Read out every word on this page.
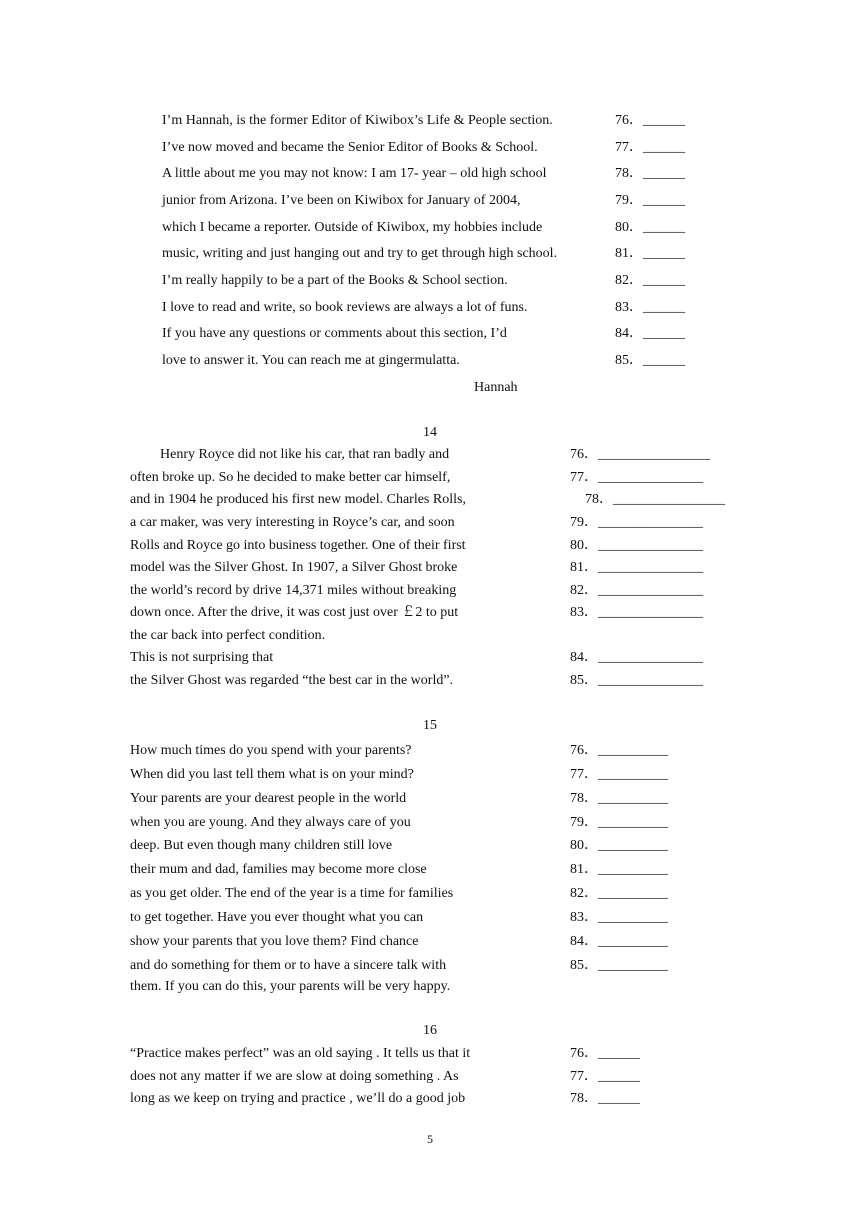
I’m Hannah, is the former Editor of Kiwibox’s Life & People section.
I’ve now moved and became the Senior Editor of Books & School.
A little about me you may not know: I am 17- year – old high school
junior from Arizona. I’ve been on Kiwibox for January of 2004,
which I became a reporter. Outside of Kiwibox, my hobbies include
music, writing and just hanging out and try to get through high school.
I’m really happily to be a part of the Books & School section.
I love to read and write, so book reviews are always a lot of funs.
If you have any questions or comments about this section, I’d
love to answer it. You can reach me at gingermulatta.
76．______
77．______
78．______
79．______
80．______
81．______
82．______
83．______
84．______
85．______
Hannah
14
Henry Royce did not like his car, that ran badly and
often broke up. So he decided to make better car himself,
and in 1904 he produced his first new model. Charles Rolls,
a car maker, was very interesting in Royce’s car, and soon
Rolls and Royce go into business together. One of their first
model was the Silver Ghost. In 1907, a Silver Ghost broke
the world’s record by drive 14,371 miles without breaking
down once. After the drive, it was cost just over ￡2 to put
the car back into perfect condition.
This is not surprising that
the Silver Ghost was regarded “the best car in the world”.
76．________________
77．_______________
78．________________
79．_______________
80．_______________
81．_______________
82．_______________
83．_______________
84．_______________
85．_______________
15
How much times do you spend with your parents?
When did you last tell them what is on your mind?
Your parents are your dearest people in the world
when you are young. And they always care of you
deep. But even though many children still love
their mum and dad, families may become more close
as you get older. The end of the year is a time for families
to get together. Have you ever thought what you can
show your parents that you love them? Find chance
and do something for them or to have a sincere talk with
them. If you can do this, your parents will be very happy.
76．__________
77．__________
78．__________
79．__________
80．__________
81．__________
82．__________
83．__________
84．__________
85．__________
16
“Practice makes perfect” was an old saying . It tells us that it
does not any matter if we are slow at doing something . As
long as we keep on trying and practice , we’ll do a good job
76．______
77．______
78．______
5
